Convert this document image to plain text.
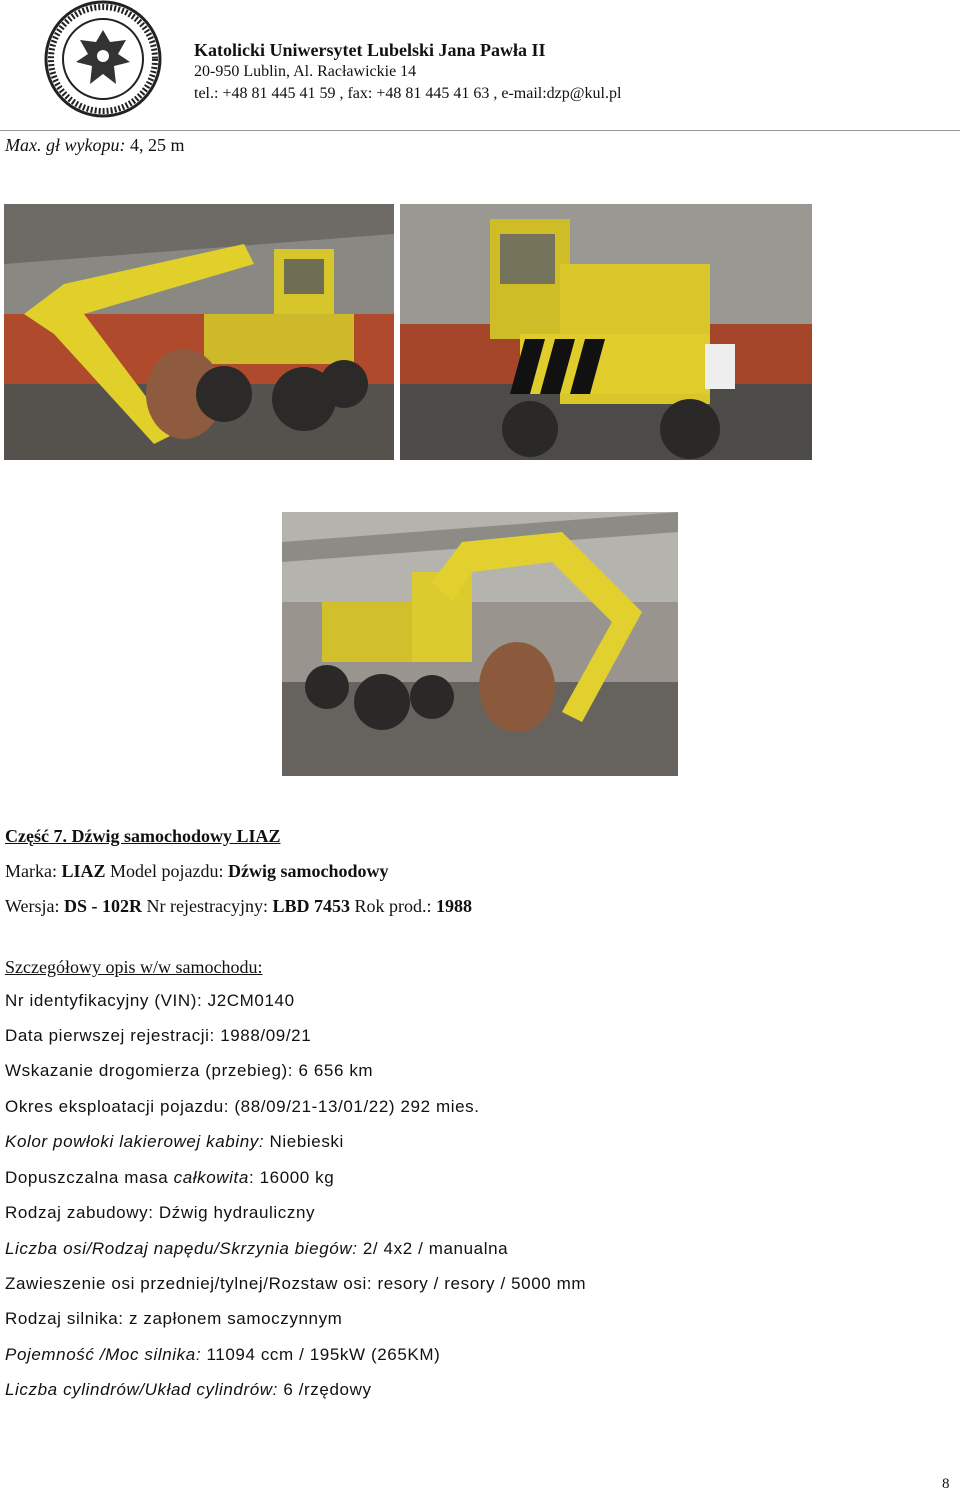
Katolicki Uniwersytet Lubelski Jana Pawła II
20-950 Lublin, Al. Racławickie 14
tel.: +48 81 445 41 59 , fax: +48 81 445 41 63 , e-mail:dzp@kul.pl
Max. gł wykopu: 4, 25 m
Część 7. Dźwig samochodowy LIAZ
Marka: LIAZ Model pojazdu: Dźwig samochodowy
Wersja: DS - 102R Nr rejestracyjny: LBD 7453 Rok prod.: 1988
Szczegółowy opis w/w samochodu:
Nr identyfikacyjny (VIN): J2CM0140
Data pierwszej rejestracji: 1988/09/21
Wskazanie drogomierza (przebieg): 6 656 km
Okres eksploatacji pojazdu: (88/09/21-13/01/22) 292 mies.
Kolor powłoki lakierowej kabiny: Niebieski
Dopuszczalna masa całkowita: 16000 kg
Rodzaj zabudowy: Dźwig hydrauliczny
Liczba osi/Rodzaj napędu/Skrzynia biegów: 2/ 4x2 / manualna
Zawieszenie osi przedniej/tylnej/Rozstaw osi: resory / resory / 5000 mm
Rodzaj silnika: z zapłonem samoczynnym
Pojemność /Moc silnika: 11094 ccm / 195kW (265KM)
Liczba cylindrów/Układ cylindrów: 6 /rzędowy
8
